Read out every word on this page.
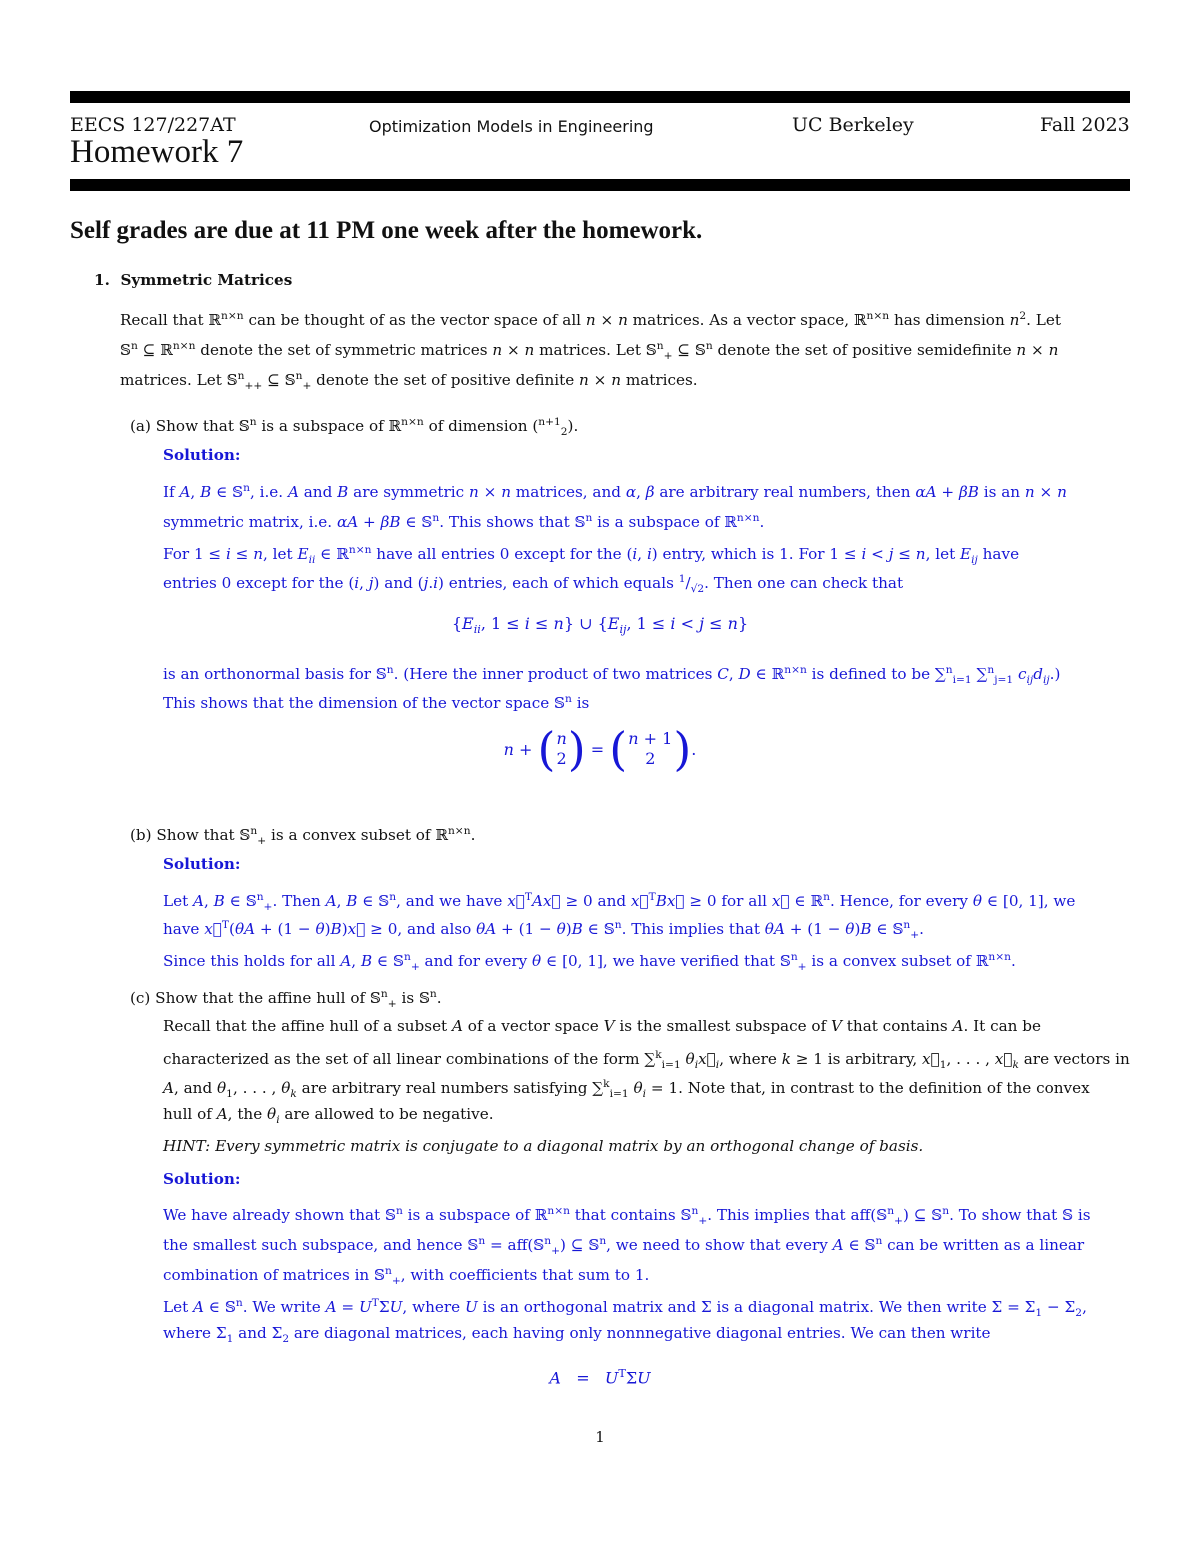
EECS 127/227AT	Optimization Models in Engineering	UC Berkeley	Fall 2023
Homework 7
Self grades are due at 11 PM one week after the homework.
1. Symmetric Matrices
Recall that ℝ$^{n\times n}$ can be thought of as the vector space of all n × n matrices. As a vector space, ℝ$^{n\times n}$ has dimension $n^2$. Let
𝕊$^n$ ⊆ ℝ$^{n\times n}$ denote the set of symmetric matrices n × n matrices. Let 𝕊$^n_+$ ⊆ 𝕊$^n$ denote the set of positive semidefinite n × n
matrices. Let 𝕊$^n_{++}$ ⊆ 𝕊$^n_+$ denote the set of positive definite n × n matrices.
(a) Show that 𝕊$^n$ is a subspace of ℝ$^{n\times n}$ of dimension ($^{n+1}_2$).
Solution:
If A, B ∈ 𝕊$^n$, i.e. A and B are symmetric n × n matrices, and α, β are arbitrary real numbers, then αA + βB is an n × n
symmetric matrix, i.e. αA + βB ∈ 𝕊$^n$. This shows that 𝕊$^n$ is a subspace of ℝ$^{n\times n}$.
For 1 ≤ i ≤ n, let $E_{ii}$ ∈ ℝ$^{n\times n}$ have all entries 0 except for the (i, i) entry, which is 1. For 1 ≤ i < j ≤ n, let $E_{ij}$ have
entries 0 except for the (i, j) and (j.i) entries, each of which equals $^1/_{√2}$. Then one can check that
{$E_{ii}$, 1 ≤ i ≤ n} ∪ {$E_{ij}$, 1 ≤ i < j ≤ n}
is an orthonormal basis for 𝕊$^n$. (Here the inner product of two matrices C, D ∈ ℝ$^{n\times n}$ is defined to be ∑$^n_{i=1}$ ∑$^n_{j=1}$ $c_{ij}d_{ij}$.)
This shows that the dimension of the vector space 𝕊$^n$ is
n + ( n
2 ) = ( n + 1
2 ) .
(b) Show that 𝕊$^n_+$ is a convex subset of ℝ$^{n\times n}$.
Solution:
Let A, B ∈ 𝕊$^n_+$. Then A, B ∈ 𝕊$^n$, and we have x⃗$^T$Ax⃗ ≥ 0 and x⃗$^T$Bx⃗ ≥ 0 for all x⃗ ∈ ℝ$^n$. Hence, for every θ ∈ [0, 1], we
have x⃗$^T$(θA + (1 − θ)B)x⃗ ≥ 0, and also θA + (1 − θ)B ∈ 𝕊$^n$. This implies that θA + (1 − θ)B ∈ 𝕊$^n_+$.
Since this holds for all A, B ∈ 𝕊$^n_+$ and for every θ ∈ [0, 1], we have verified that 𝕊$^n_+$ is a convex subset of ℝ$^{n\times n}$.
(c) Show that the affine hull of 𝕊$^n_+$ is 𝕊$^n$.
Recall that the affine hull of a subset A of a vector space V is the smallest subspace of V that contains A. It can be
characterized as the set of all linear combinations of the form ∑$^k_{i=1}$ $\theta_ix⃗_i$, where k ≥ 1 is arbitrary, $x⃗_1$, . . . , $x⃗_k$ are vectors in
A, and $\theta_1$, . . . , $\theta_k$ are arbitrary real numbers satisfying ∑$^k_{i=1}$ $\theta_i = 1$. Note that, in contrast to the definition of the convex
hull of A, the $\theta_i$ are allowed to be negative.
HINT: Every symmetric matrix is conjugate to a diagonal matrix by an orthogonal change of basis.
Solution:
We have already shown that 𝕊$^n$ is a subspace of ℝ$^{n\times n}$ that contains 𝕊$^n_+$. This implies that aff(𝕊$^n_+$) ⊆ 𝕊$^n$. To show that 𝕊 is
the smallest such subspace, and hence 𝕊$^n$ = aff(𝕊$^n_+$) ⊆ 𝕊$^n$, we need to show that every A ∈ 𝕊$^n$ can be written as a linear
combination of matrices in 𝕊$^n_+$, with coefficients that sum to 1.
Let A ∈ 𝕊$^n$. We write $A = U^T\Sigma U$, where U is an orthogonal matrix and Σ is a diagonal matrix. We then write $\Sigma = \Sigma_1 - \Sigma_2$,
where $\Sigma_1$ and $\Sigma_2$ are diagonal matrices, each having only nonnnegative diagonal entries. We can then write
$A = U^T\Sigma U$
1
